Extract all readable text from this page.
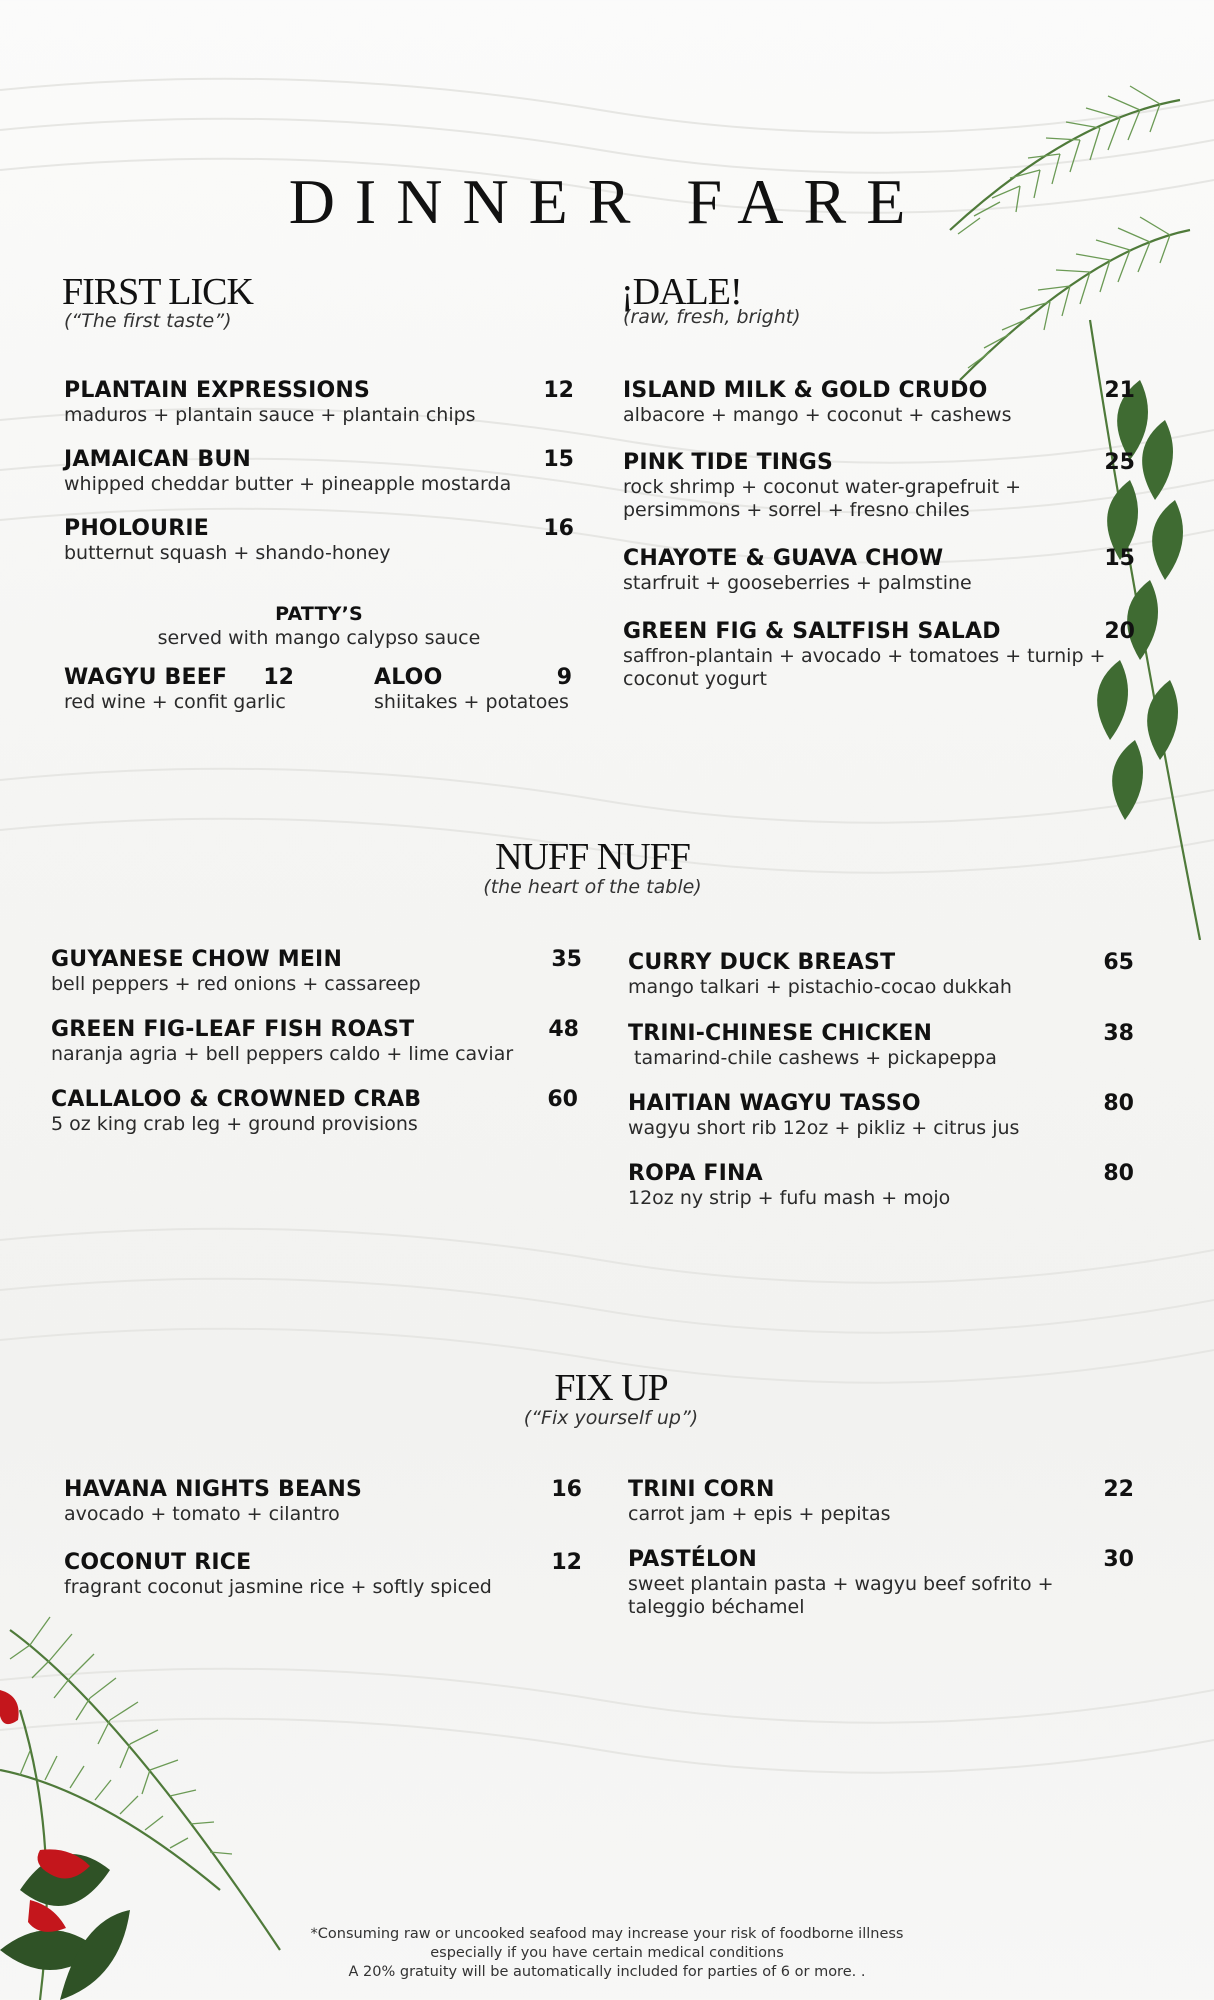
DINNER FARE
FIRST LICK
(“The first taste”)
PLANTAIN EXPRESSIONS	12
maduros + plantain sauce + plantain chips
JAMAICAN BUN	15
whipped cheddar butter + pineapple mostarda
PHOLOURIE	16
butternut squash + shando-honey
PATTY’S
served with mango calypso sauce
WAGYU BEEF	12
red wine + confit garlic
ALOO	9
shiitakes + potatoes
¡DALE!
(raw, fresh, bright)
ISLAND MILK & GOLD CRUDO	21
albacore + mango + coconut + cashews
PINK TIDE TINGS	25
rock shrimp + coconut water-grapefruit +
persimmons + sorrel + fresno chiles
CHAYOTE & GUAVA CHOW	15
starfruit + gooseberries + palmstine
GREEN FIG & SALTFISH SALAD	20
saffron-plantain + avocado + tomatoes + turnip +
coconut yogurt
NUFF NUFF
(the heart of the table)
GUYANESE CHOW MEIN	35
bell peppers + red onions + cassareep
GREEN FIG-LEAF FISH ROAST	48
naranja agria + bell peppers caldo + lime caviar
CALLALOO & CROWNED CRAB	60
5 oz king crab leg + ground provisions
CURRY DUCK BREAST	65
mango talkari + pistachio-cocao dukkah
TRINI-CHINESE CHICKEN	38
tamarind-chile cashews + pickapeppa
HAITIAN WAGYU TASSO	80
wagyu short rib 12oz + pikliz + citrus jus
ROPA FINA	80
12oz ny strip + fufu mash + mojo
FIX UP
(“Fix yourself up”)
HAVANA NIGHTS BEANS	16
avocado + tomato + cilantro
COCONUT RICE	12
fragrant coconut jasmine rice + softly spiced
TRINI CORN	22
carrot jam + epis + pepitas
PASTÉLON	30
sweet plantain pasta + wagyu beef sofrito +
taleggio béchamel
*Consuming raw or uncooked seafood may increase your risk of foodborne illness
especially if you have certain medical conditions
A 20% gratuity will be automatically included for parties of 6 or more. .
